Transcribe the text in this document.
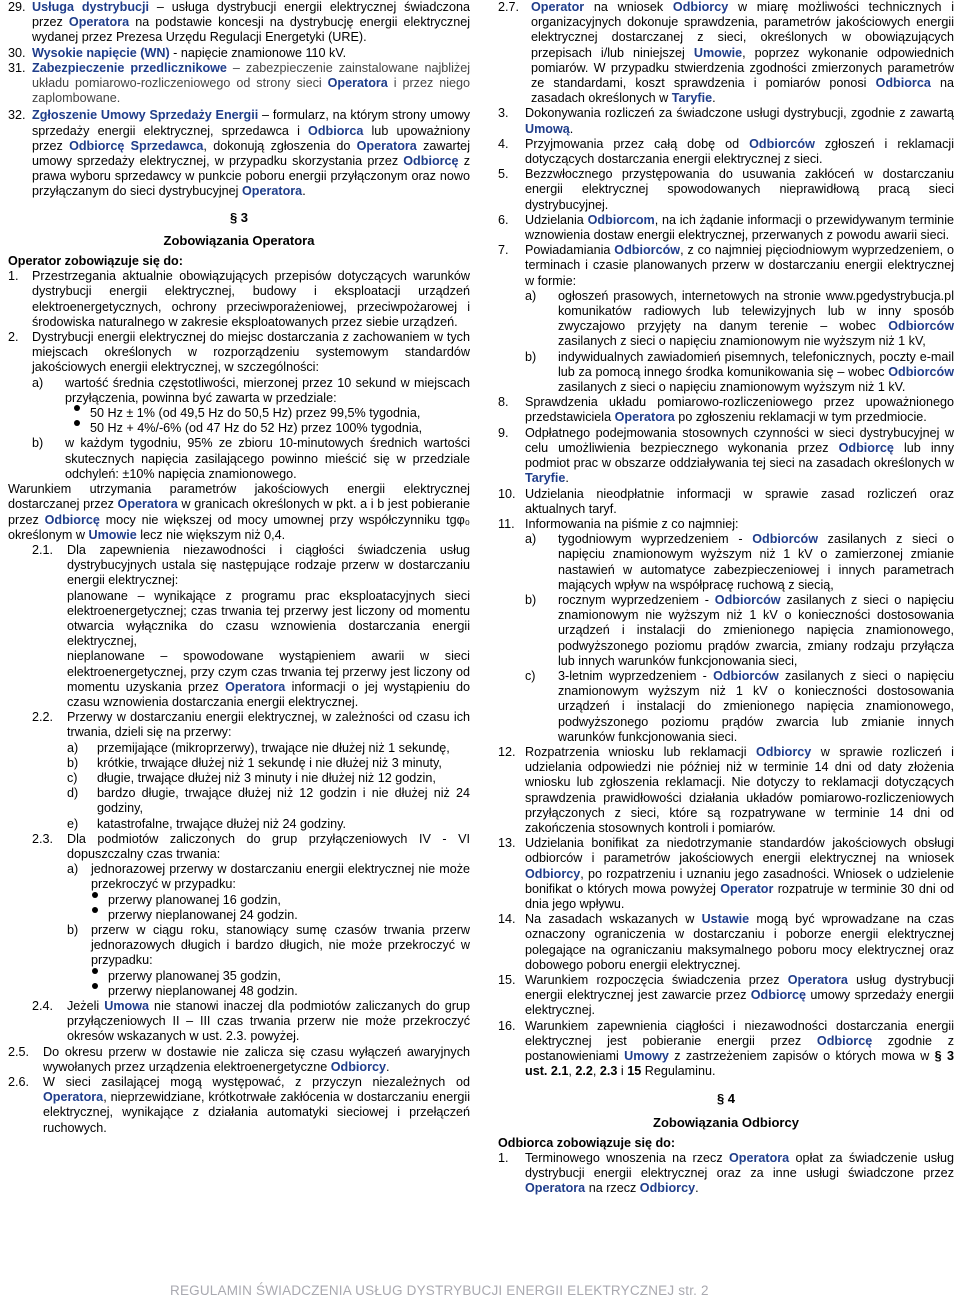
29. Usługa dystrybucji – usługa dystrybucji energii elektrycznej świadczona przez Operatora na podstawie koncesji na dystrybucję energii elektrycznej wydanej przez Prezesa Urzędu Regulacji Energetyki (URE).
30. Wysokie napięcie (WN) - napięcie znamionowe 110 kV.
31. Zabezpieczenie przedlicznikowe – zabezpieczenie zainstalowane najbliżej układu pomiarowo-rozliczeniowego od strony sieci Operatora i przez niego zaplombowane.
32. Zgłoszenie Umowy Sprzedaży Energii – formularz, na którym strony umowy sprzedaży energii elektrycznej, sprzedawca i Odbiorca lub upoważniony przez Odbiorcę Sprzedawca, dokonują zgłoszenia do Operatora zawartej umowy sprzedaży elektrycznej, w przypadku skorzystania przez Odbiorcę z prawa wyboru sprzedawcy w punkcie poboru energii przyłączonym oraz nowo przyłączanym do sieci dystrybucyjnej Operatora.
§ 3
Zobowiązania Operatora
Operator zobowiązuje się do:
1.	Przestrzegania aktualnie obowiązujących przepisów dotyczących warunków dystrybucji energii elektrycznej, budowy i eksploatacji urządzeń elektroenergetycznych, ochrony przeciwporażeniowej, przeciwpożarowej i środowiska naturalnego w zakresie eksploatowanych przez siebie urządzeń.
2.	Dystrybucji energii elektrycznej do miejsc dostarczania z zachowaniem w tych miejscach określonych w rozporządzeniu systemowym standardów jakościowych energii elektrycznej, w szczególności:
a)	wartość średnia częstotliwości, mierzonej przez 10 sekund w miejscach przyłączenia, powinna być zawarta w przedziale:
50 Hz ± 1% (od 49,5 Hz do 50,5 Hz) przez 99,5% tygodnia,
50 Hz + 4%/-6% (od 47 Hz do 52 Hz) przez 100% tygodnia,
b)	w każdym tygodniu, 95% ze zbioru 10-minutowych średnich wartości skutecznych napięcia zasilającego powinno mieścić się w przedziale odchyleń: ±10% napięcia znamionowego.
Warunkiem utrzymania parametrów jakościowych energii elektrycznej dostarczanej przez Operatora w granicach określonych w pkt. a i b jest pobieranie przez Odbiorcę mocy nie większej od mocy umownej przy współczynniku tgφ₀ określonym w Umowie lecz nie większym niż 0,4.
2.1.	Dla zapewnienia niezawodności i ciągłości świadczenia usług dystrybucyjnych ustala się następujące rodzaje przerw w dostarczaniu energii elektrycznej:
planowane – wynikające z programu prac eksploatacyjnych sieci elektroenergetycznej; czas trwania tej przerwy jest liczony od momentu otwarcia wyłącznika do czasu wznowienia dostarczania energii elektrycznej,
nieplanowane – spowodowane wystąpieniem awarii w sieci elektroenergetycznej, przy czym czas trwania tej przerwy jest liczony od momentu uzyskania przez Operatora informacji o jej wystąpieniu do czasu wznowienia dostarczania energii elektrycznej.
2.2.	Przerwy w dostarczaniu energii elektrycznej, w zależności od czasu ich trwania, dzieli się na przerwy:
a)	przemijające (mikroprzerwy), trwające nie dłużej niż 1 sekundę,
b)	krótkie, trwające dłużej niż 1 sekundę i nie dłużej niż 3 minuty,
c)	długie, trwające dłużej niż 3 minuty i nie dłużej niż 12 godzin,
d)	bardzo długie, trwające dłużej niż 12 godzin i nie dłużej niż 24 godziny,
e)	katastrofalne, trwające dłużej niż 24 godziny.
2.3.	Dla podmiotów zaliczonych do grup przyłączeniowych IV - VI dopuszczalny czas trwania:
a)	jednorazowej przerwy w dostarczaniu energii elektrycznej nie może przekroczyć w przypadku:
przerwy planowanej 16 godzin,
przerwy nieplanowanej 24 godzin.
b)	przerw w ciągu roku, stanowiący sumę czasów trwania przerw jednorazowych długich i bardzo długich, nie może przekroczyć w przypadku:
przerwy planowanej 35 godzin,
przerwy nieplanowanej 48 godzin.
2.4.	Jeżeli Umowa nie stanowi inaczej dla podmiotów zaliczanych do grup przyłączeniowych II – III czas trwania przerw nie może przekroczyć okresów wskazanych w ust. 2.3. powyżej.
2.5.	Do okresu przerw w dostawie nie zalicza się czasu wyłączeń awaryjnych wywołanych przez urządzenia elektroenergetyczne Odbiorcy.
2.6.	W sieci zasilającej mogą występować, z przyczyn niezależnych od Operatora, nieprzewidziane, krótkotrwałe zakłócenia w dostarczaniu energii elektrycznej, wynikające z działania automatyki sieciowej i przełączeń ruchowych.
2.7. Operator na wniosek Odbiorcy w miarę możliwości technicznych i organizacyjnych dokonuje sprawdzenia, parametrów jakościowych energii elektrycznej dostarczanej z sieci, określonych w obowiązujących przepisach i/lub niniejszej Umowie, poprzez wykonanie odpowiednich pomiarów. W przypadku stwierdzenia zgodności zmierzonych parametrów ze standardami, koszt sprawdzenia i pomiarów ponosi Odbiorca na zasadach określonych w Taryfie.
3.	Dokonywania rozliczeń za świadczone usługi dystrybucji, zgodnie z zawartą Umową.
4.	Przyjmowania przez całą dobę od Odbiorców zgłoszeń i reklamacji dotyczących dostarczania energii elektrycznej z sieci.
5.	Bezzwłocznego przystępowania do usuwania zakłóceń w dostarczaniu energii elektrycznej spowodowanych nieprawidłową pracą sieci dystrybucyjnej.
6.	Udzielania Odbiorcom, na ich żądanie informacji o przewidywanym terminie wznowienia dostaw energii elektrycznej, przerwanych z powodu awarii sieci.
7.	Powiadamiania Odbiorców, z co najmniej pięciodniowym wyprzedzeniem, o terminach i czasie planowanych przerw w dostarczaniu energii elektrycznej w formie:
a)	ogłoszeń prasowych, internetowych na stronie www.pgedystrybucja.pl komunikatów radiowych lub telewizyjnych lub w inny sposób zwyczajowo przyjęty na danym terenie – wobec Odbiorców zasilanych z sieci o napięciu znamionowym nie wyższym niż 1 kV,
b)	indywidualnych zawiadomień pisemnych, telefonicznych, poczty e-mail lub za pomocą innego środka komunikowania się – wobec Odbiorców zasilanych z sieci o napięciu znamionowym wyższym niż 1 kV.
8.	Sprawdzenia układu pomiarowo-rozliczeniowego przez upoważnionego przedstawiciela Operatora po zgłoszeniu reklamacji w tym przedmiocie.
9.	Odpłatnego podejmowania stosownych czynności w sieci dystrybucyjnej w celu umożliwienia bezpiecznego wykonania przez Odbiorcę lub inny podmiot prac w obszarze oddziaływania tej sieci na zasadach określonych w Taryfie.
10. Udzielania nieodpłatnie informacji w sprawie zasad rozliczeń oraz aktualnych taryf.
11. Informowania na piśmie z co najmniej:
a)	tygodniowym wyprzedzeniem - Odbiorców zasilanych z sieci o napięciu znamionowym wyższym niż 1 kV o zamierzonej zmianie nastawień w automatyce zabezpieczeniowej i innych parametrach mających wpływ na współpracę ruchową z siecią,
b)	rocznym wyprzedzeniem - Odbiorców zasilanych z sieci o napięciu znamionowym nie wyższym niż 1 kV o konieczności dostosowania urządzeń i instalacji do zmienionego napięcia znamionowego, podwyższonego poziomu prądów zwarcia, zmiany rodzaju przyłącza lub innych warunków funkcjonowania sieci,
c)	3-letnim wyprzedzeniem - Odbiorców zasilanych z sieci o napięciu znamionowym wyższym niż 1 kV o konieczności dostosowania urządzeń i instalacji do zmienionego napięcia znamionowego, podwyższonego poziomu prądów zwarcia lub zmianie innych warunków funkcjonowania sieci.
12. Rozpatrzenia wniosku lub reklamacji Odbiorcy w sprawie rozliczeń i udzielania odpowiedzi nie później niż w terminie 14 dni od daty złożenia wniosku lub zgłoszenia reklamacji. Nie dotyczy to reklamacji dotyczących sprawdzenia prawidłowości działania układów pomiarowo-rozliczeniowych przyłączonych z sieci, które są rozpatrywane w terminie 14 dni od zakończenia stosownych kontroli i pomiarów.
13. Udzielania bonifikat za niedotrzymanie standardów jakościowych obsługi odbiorców i parametrów jakościowych energii elektrycznej na wniosek Odbiorcy, po rozpatrzeniu i uznaniu jego zasadności. Wniosek o udzielenie bonifikat o których mowa powyżej Operator rozpatruje w terminie 30 dni od dnia jego wpływu.
14. Na zasadach wskazanych w Ustawie mogą być wprowadzane na czas oznaczony ograniczenia w dostarczaniu i poborze energii elektrycznej polegające na ograniczaniu maksymalnego poboru mocy elektrycznej oraz dobowego poboru energii elektrycznej.
15. Warunkiem rozpoczęcia świadczenia przez Operatora usług dystrybucji energii elektrycznej jest zawarcie przez Odbiorcę umowy sprzedaży energii elektrycznej.
16. Warunkiem zapewnienia ciągłości i niezawodności dostarczania energii elektrycznej jest pobieranie energii przez Odbiorcę zgodnie z postanowieniami Umowy z zastrzeżeniem zapisów o których mowa w § 3 ust. 2.1, 2.2, 2.3 i 15 Regulaminu.
§ 4
Zobowiązania Odbiorcy
Odbiorca zobowiązuje się do:
1.	Terminowego wnoszenia na rzecz Operatora opłat za świadczenie usług dystrybucji energii elektrycznej oraz za inne usługi świadczone przez Operatora na rzecz Odbiorcy.
REGULAMIN ŚWIADCZENIA USŁUG DYSTRYBUCJI ENERGII ELEKTRYCZNEJ str. 2
